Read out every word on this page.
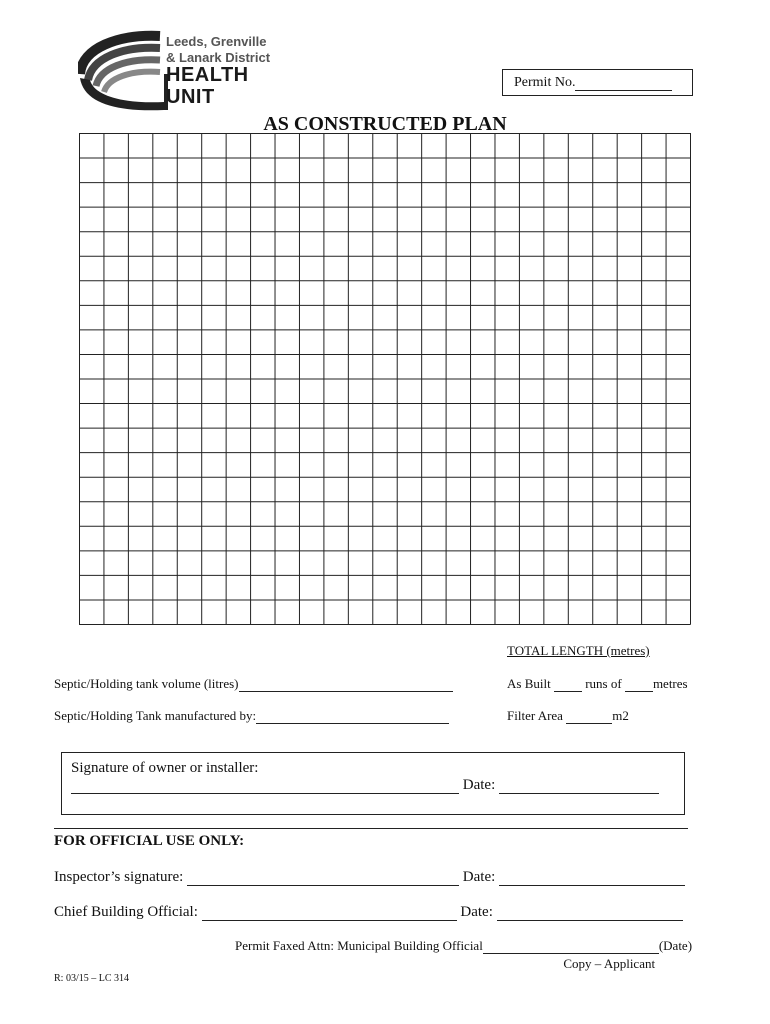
Leeds, Grenville
& Lanark District
HEALTH
UNIT
Permit No.
AS CONSTRUCTED PLAN
TOTAL LENGTH (metres)
Septic/Holding tank volume (litres)	As Built	runs of metres
Septic/Holding Tank manufactured by:	Filter Area	m2
Signature of owner or installer:
Date:
FOR OFFICIAL USE ONLY:
Inspector’s signature:	Date:
Chief Building Official:	Date:
Permit Faxed Attn: Municipal Building Official	(Date)
Copy – Applicant
R: 03/15 – LC 314
